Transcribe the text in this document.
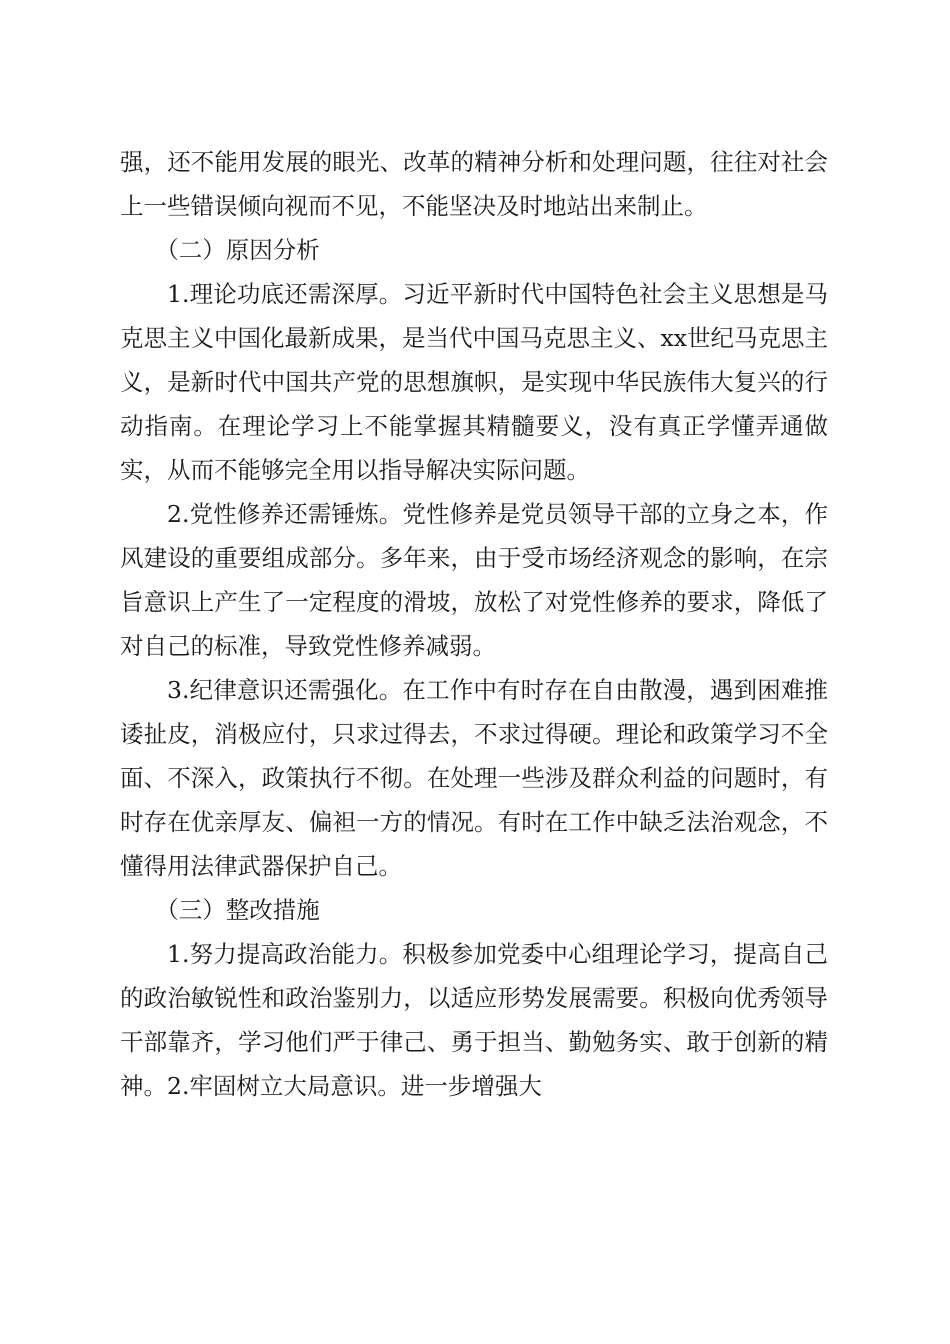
强，还不能用发展的眼光、改革的精神分析和处理问题，往往对社会上一些错误倾向视而不见，不能坚决及时地站出来制止。

（二）原因分析

1.理论功底还需深厚。习近平新时代中国特色社会主义思想是马克思主义中国化最新成果，是当代中国马克思主义、xx世纪马克思主义，是新时代中国共产党的思想旗帜，是实现中华民族伟大复兴的行动指南。在理论学习上不能掌握其精髓要义，没有真正学懂弄通做实，从而不能够完全用以指导解决实际问题。

2.党性修养还需锤炼。党性修养是党员领导干部的立身之本，作风建设的重要组成部分。多年来，由于受市场经济观念的影响，在宗旨意识上产生了一定程度的滑坡，放松了对党性修养的要求，降低了对自己的标准，导致党性修养减弱。

3.纪律意识还需强化。在工作中有时存在自由散漫，遇到困难推诿扯皮，消极应付，只求过得去，不求过得硬。理论和政策学习不全面、不深入，政策执行不彻。在处理一些涉及群众利益的问题时，有时存在优亲厚友、偏袒一方的情况。有时在工作中缺乏法治观念，不懂得用法律武器保护自己。

（三）整改措施

1.努力提高政治能力。积极参加党委中心组理论学习，提高自己的政治敏锐性和政治鉴别力，以适应形势发展需要。积极向优秀领导干部靠齐，学习他们严于律己、勇于担当、勤勉务实、敢于创新的精神。2.牢固树立大局意识。进一步增强大
